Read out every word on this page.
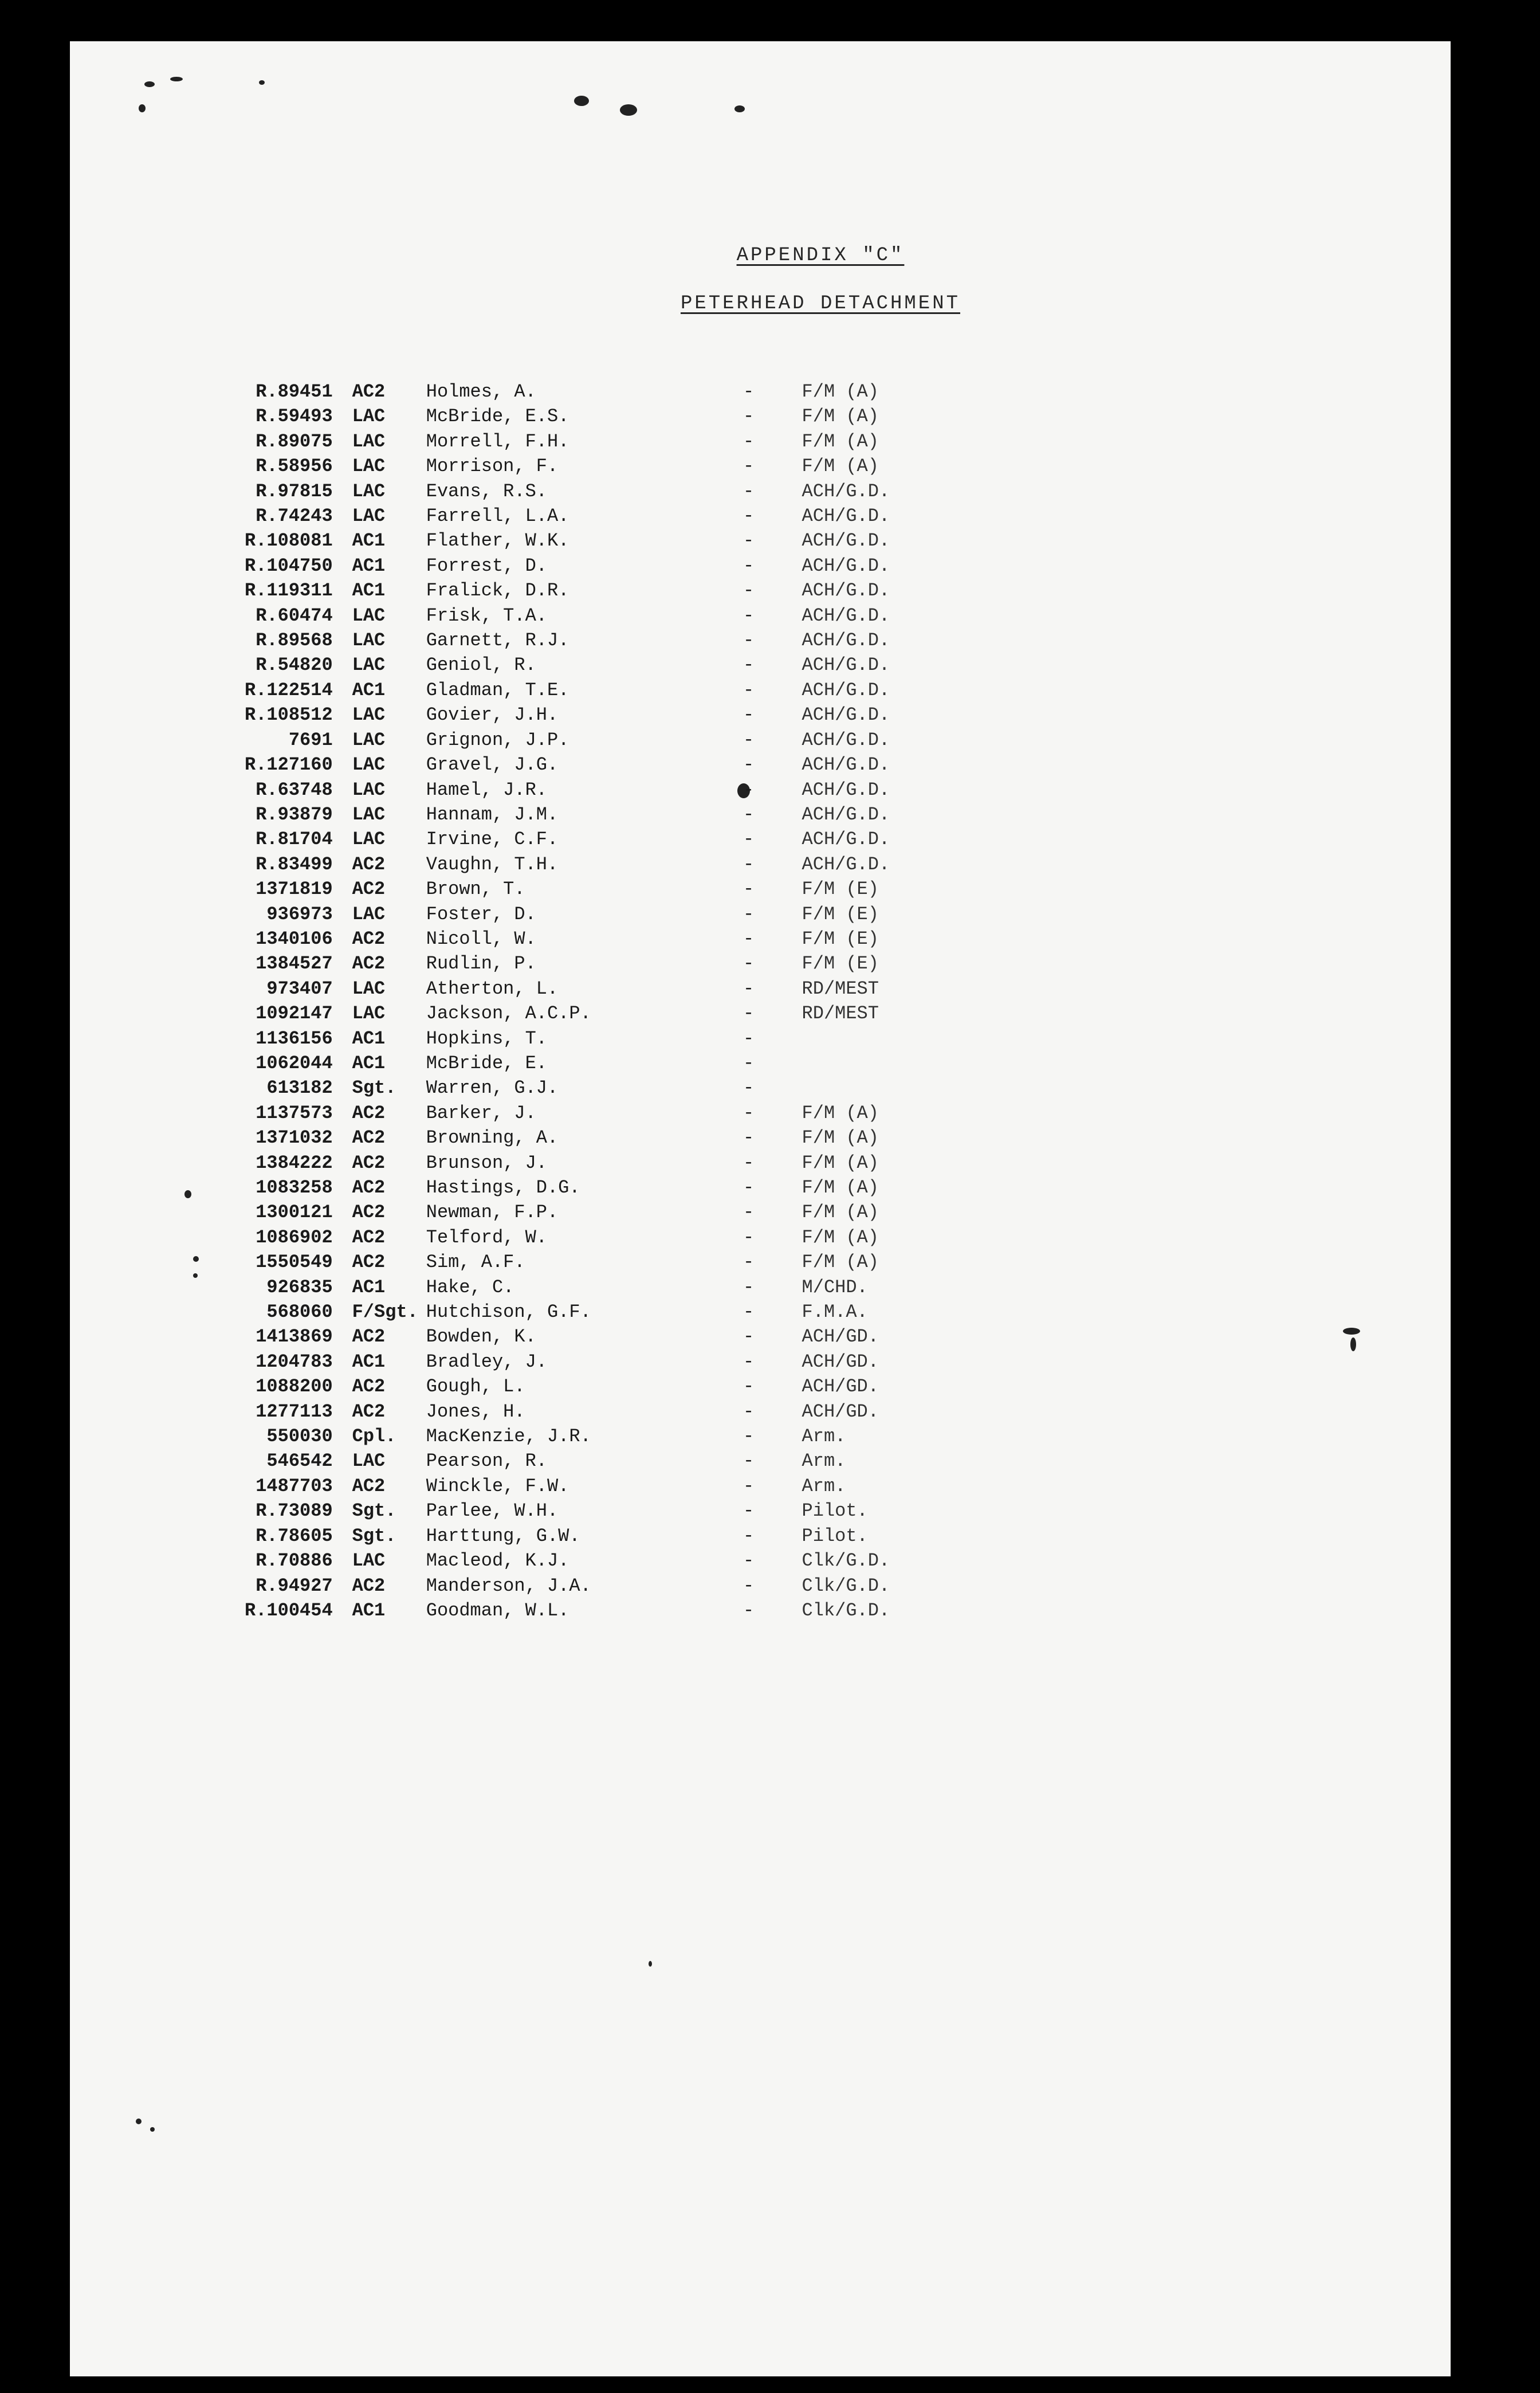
APPENDIX "C"
PETERHEAD DETACHMENT
R.89451	AC2	Holmes, A.	-	F/M (A)
R.59493	LAC	McBride, E.S.	-	F/M (A)
R.89075	LAC	Morrell, F.H.	-	F/M (A)
R.58956	LAC	Morrison, F.	-	F/M (A)
R.97815	LAC	Evans, R.S.	-	ACH/G.D.
R.74243	LAC	Farrell, L.A.	-	ACH/G.D.
R.108081	AC1	Flather, W.K.	-	ACH/G.D.
R.104750	AC1	Forrest, D.	-	ACH/G.D.
R.119311	AC1	Fralick, D.R.	-	ACH/G.D.
R.60474	LAC	Frisk, T.A.	-	ACH/G.D.
R.89568	LAC	Garnett, R.J.	-	ACH/G.D.
R.54820	LAC	Geniol, R.	-	ACH/G.D.
R.122514	AC1	Gladman, T.E.	-	ACH/G.D.
R.108512	LAC	Govier, J.H.	-	ACH/G.D.
7691	LAC	Grignon, J.P.	-	ACH/G.D.
R.127160	LAC	Gravel, J.G.	-	ACH/G.D.
R.63748	LAC	Hamel, J.R.	-	ACH/G.D.
R.93879	LAC	Hannam, J.M.	-	ACH/G.D.
R.81704	LAC	Irvine, C.F.	-	ACH/G.D.
R.83499	AC2	Vaughn, T.H.	-	ACH/G.D.
1371819	AC2	Brown, T.	-	F/M (E)
936973	LAC	Foster, D.	-	F/M (E)
1340106	AC2	Nicoll, W.	-	F/M (E)
1384527	AC2	Rudlin, P.	-	F/M (E)
973407	LAC	Atherton, L.	-	RD/MEST
1092147	LAC	Jackson, A.C.P.	-	RD/MEST
1136156	AC1	Hopkins, T.	-	
1062044	AC1	McBride, E.	-	
613182	Sgt.	Warren, G.J.	-	
1137573	AC2	Barker, J.	-	F/M (A)
1371032	AC2	Browning, A.	-	F/M (A)
1384222	AC2	Brunson, J.	-	F/M (A)
1083258	AC2	Hastings, D.G.	-	F/M (A)
1300121	AC2	Newman, F.P.	-	F/M (A)
1086902	AC2	Telford, W.	-	F/M (A)
1550549	AC2	Sim, A.F.	-	F/M (A)
926835	AC1	Hake, C.	-	M/CHD.
568060	F/Sgt.	Hutchison, G.F.	-	F.M.A.
1413869	AC2	Bowden, K.	-	ACH/GD.
1204783	AC1	Bradley, J.	-	ACH/GD.
1088200	AC2	Gough, L.	-	ACH/GD.
1277113	AC2	Jones, H.	-	ACH/GD.
550030	Cpl.	MacKenzie, J.R.	-	Arm.
546542	LAC	Pearson, R.	-	Arm.
1487703	AC2	Winckle, F.W.	-	Arm.
R.73089	Sgt.	Parlee, W.H.	-	Pilot.
R.78605	Sgt.	Harttung, G.W.	-	Pilot.
R.70886	LAC	Macleod, K.J.	-	Clk/G.D.
R.94927	AC2	Manderson, J.A.	-	Clk/G.D.
R.100454	AC1	Goodman, W.L.	-	Clk/G.D.
